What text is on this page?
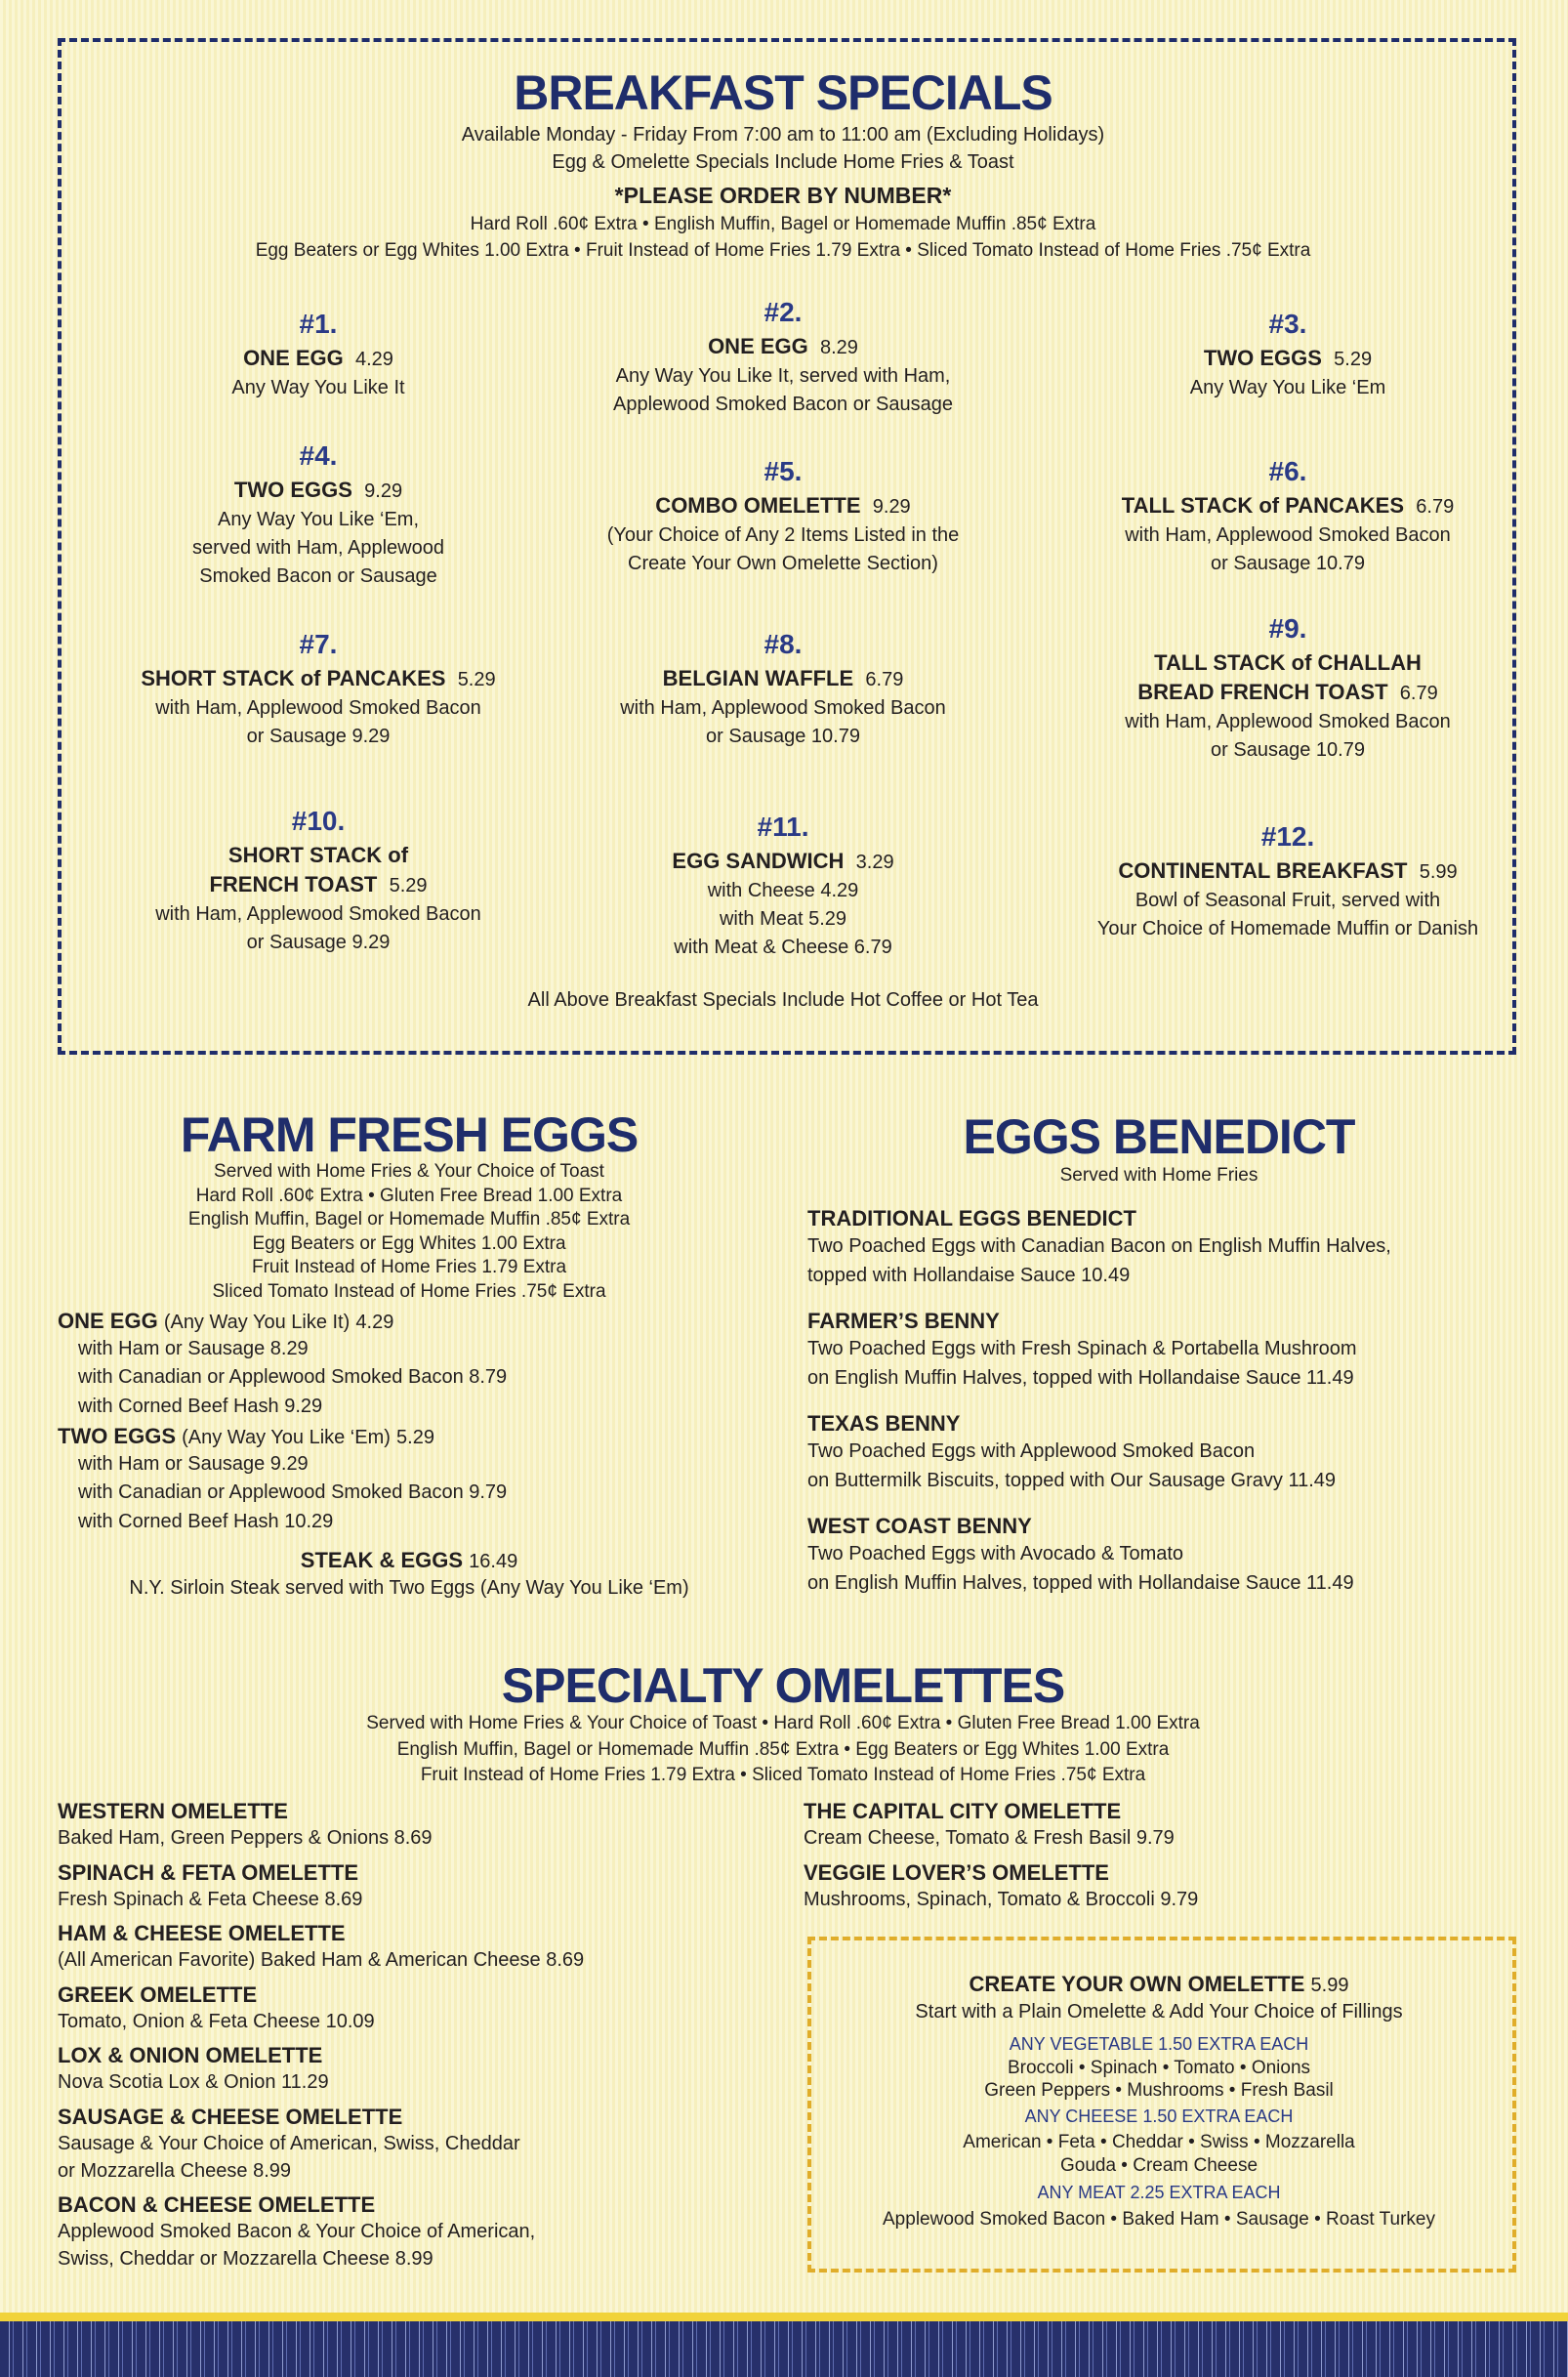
BREAKFAST SPECIALS
Available Monday - Friday From 7:00 am to 11:00 am (Excluding Holidays)
Egg & Omelette Specials Include Home Fries & Toast
*PLEASE ORDER BY NUMBER*
Hard Roll .60¢ Extra • English Muffin, Bagel or Homemade Muffin .85¢ Extra
Egg Beaters or Egg Whites 1.00 Extra • Fruit Instead of Home Fries 1.79 Extra • Sliced Tomato Instead of Home Fries .75¢ Extra
#1.
ONE EGG 4.29
Any Way You Like It
#2.
ONE EGG 8.29
Any Way You Like It, served with Ham,
Applewood Smoked Bacon or Sausage
#3.
TWO EGGS 5.29
Any Way You Like ‘Em
#4.
TWO EGGS 9.29
Any Way You Like ‘Em,
served with Ham, Applewood
Smoked Bacon or Sausage
#5.
COMBO OMELETTE 9.29
(Your Choice of Any 2 Items Listed in the
Create Your Own Omelette Section)
#6.
TALL STACK of PANCAKES 6.79
with Ham, Applewood Smoked Bacon
or Sausage 10.79
#7.
SHORT STACK of PANCAKES 5.29
with Ham, Applewood Smoked Bacon
or Sausage 9.29
#8.
BELGIAN WAFFLE 6.79
with Ham, Applewood Smoked Bacon
or Sausage 10.79
#9.
TALL STACK of CHALLAH
BREAD FRENCH TOAST 6.79
with Ham, Applewood Smoked Bacon
or Sausage 10.79
#10.
SHORT STACK of
FRENCH TOAST 5.29
with Ham, Applewood Smoked Bacon
or Sausage 9.29
#11.
EGG SANDWICH 3.29
with Cheese 4.29
with Meat 5.29
with Meat & Cheese 6.79
#12.
CONTINENTAL BREAKFAST 5.99
Bowl of Seasonal Fruit, served with
Your Choice of Homemade Muffin or Danish
All Above Breakfast Specials Include Hot Coffee or Hot Tea
FARM FRESH EGGS
Served with Home Fries & Your Choice of Toast
Hard Roll .60¢ Extra • Gluten Free Bread 1.00 Extra
English Muffin, Bagel or Homemade Muffin .85¢ Extra
Egg Beaters or Egg Whites 1.00 Extra
Fruit Instead of Home Fries 1.79 Extra
Sliced Tomato Instead of Home Fries .75¢ Extra
ONE EGG (Any Way You Like It) 4.29
with Ham or Sausage 8.29
with Canadian or Applewood Smoked Bacon 8.79
with Corned Beef Hash 9.29
TWO EGGS (Any Way You Like ‘Em) 5.29
with Ham or Sausage 9.29
with Canadian or Applewood Smoked Bacon 9.79
with Corned Beef Hash 10.29
STEAK & EGGS 16.49
N.Y. Sirloin Steak served with Two Eggs (Any Way You Like ‘Em)
EGGS BENEDICT
Served with Home Fries
TRADITIONAL EGGS BENEDICT
Two Poached Eggs with Canadian Bacon on English Muffin Halves,
topped with Hollandaise Sauce 10.49
FARMER’S BENNY
Two Poached Eggs with Fresh Spinach & Portabella Mushroom
on English Muffin Halves, topped with Hollandaise Sauce 11.49
TEXAS BENNY
Two Poached Eggs with Applewood Smoked Bacon
on Buttermilk Biscuits, topped with Our Sausage Gravy 11.49
WEST COAST BENNY
Two Poached Eggs with Avocado & Tomato
on English Muffin Halves, topped with Hollandaise Sauce 11.49
SPECIALTY OMELETTES
Served with Home Fries & Your Choice of Toast • Hard Roll .60¢ Extra • Gluten Free Bread 1.00 Extra
English Muffin, Bagel or Homemade Muffin .85¢ Extra • Egg Beaters or Egg Whites 1.00 Extra
Fruit Instead of Home Fries 1.79 Extra • Sliced Tomato Instead of Home Fries .75¢ Extra
WESTERN OMELETTE
Baked Ham, Green Peppers & Onions 8.69
SPINACH & FETA OMELETTE
Fresh Spinach & Feta Cheese 8.69
HAM & CHEESE OMELETTE
(All American Favorite) Baked Ham & American Cheese 8.69
GREEK OMELETTE
Tomato, Onion & Feta Cheese 10.09
LOX & ONION OMELETTE
Nova Scotia Lox & Onion 11.29
SAUSAGE & CHEESE OMELETTE
Sausage & Your Choice of American, Swiss, Cheddar
or Mozzarella Cheese 8.99
BACON & CHEESE OMELETTE
Applewood Smoked Bacon & Your Choice of American,
Swiss, Cheddar or Mozzarella Cheese 8.99
THE CAPITAL CITY OMELETTE
Cream Cheese, Tomato & Fresh Basil 9.79
VEGGIE LOVER’S OMELETTE
Mushrooms, Spinach, Tomato & Broccoli 9.79
CREATE YOUR OWN OMELETTE 5.99
Start with a Plain Omelette & Add Your Choice of Fillings
ANY VEGETABLE 1.50 EXTRA EACH
Broccoli • Spinach • Tomato • Onions
Green Peppers • Mushrooms • Fresh Basil
ANY CHEESE 1.50 EXTRA EACH
American • Feta • Cheddar • Swiss • Mozzarella
Gouda • Cream Cheese
ANY MEAT 2.25 EXTRA EACH
Applewood Smoked Bacon • Baked Ham • Sausage • Roast Turkey
